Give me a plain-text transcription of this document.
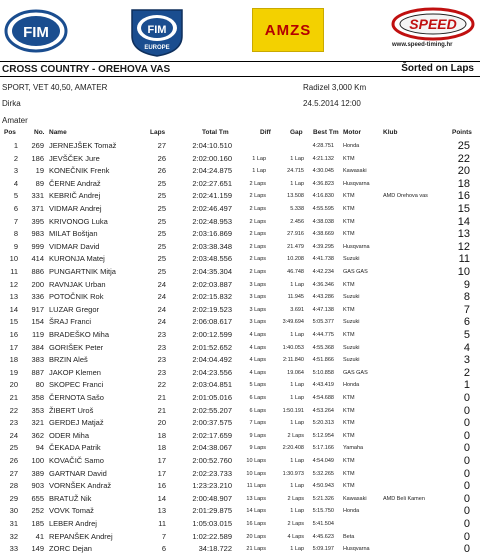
FIM	FIM
EUROPE
AMZS	SPEED
www.speed-timing.hr
CROSS COUNTRY - OREHOVA VAS	Šorted on Laps
SPORT, VET 40,50, AMATER	Radizel 3,000 Km
Dirka	24.5.2014 12:00
Amater
Pos	No. Name	Laps	Total Tm	Diff	Gap Best Tm Motor	Klub	Points
1	269 JERNEJŠEK Tomaž	27	2:04:10.510	4:28.751 Honda	25
2	186 JEVŠČEK Jure	26	2:02:00.160	1 Lap	1 Lap	4:21.132 KTM	22
3	19 KONEČNIK Frenk	26	2:04:24.875	1 Lap	24.715	4:30.045 Kawasaki	20
4	89 ČERNE Andraž	25	2:02:27.651	2 Laps	1 Lap	4:36.823 Husqvarna	18
5	331 KEBRIČ Andrej	25	2:02:41.159	2 Laps	13.508	4:16.830 KTM	AMD Orehova vas	16
6	371 VIDMAR Andrej	25	2:02:46.497	2 Laps	5.338	4:55.595 KTM	15
7	395 KRIVONOG Luka	25	2:02:48.953	2 Laps	2.456	4:38.038 KTM	14
8	983 MILAT Boštjan	25	2:03:16.869	2 Laps	27.916	4:38.669 KTM	13
9	999 VIDMAR David	25	2:03:38.348	2 Laps	21.479	4:39.295 Husqvarna	12
10	414 KURONJA Matej	25	2:03:48.556	2 Laps	10.208	4:41.738 Suzuki	11
11	886 PUNGARTNIK Mitja	25	2:04:35.304	2 Laps	46.748	4:42.234 GAS GAS	10
12	200 RAVNJAK Urban	24	2:02:03.887	3 Laps	1 Lap	4:36.346 KTM	9
13	336 POTOČNIK Rok	24	2:02:15.832	3 Laps	11.945	4:43.286 Suzuki	8
14	917 LUZAR Gregor	24	2:02:19.523	3 Laps	3.691	4:47.138 KTM	7
15	154 ŠRAJ Franci	24	2:06:08.617	3 Laps	3:49.694	5:05.377 Suzuki	6
16	119 BRADEŠKO Miha	23	2:00:12.599	4 Laps	1 Lap	4:44.775 KTM	5
17	384 GORIŠEK Peter	23	2:01:52.652	4 Laps	1:40.053	4:55.368 Suzuki	4
18	383 BRZIN Aleš	23	2:04:04.492	4 Laps	2:11.840	4:51.866 Suzuki	3
19	887 JAKOP Klemen	23	2:04:23.556	4 Laps	19.064	5:10.858 GAS GAS	2
20	80 SKOPEC Franci	22	2:03:04.851	5 Laps	1 Lap	4:43.419 Honda	1
21	358 ČERNOTA Sašo	21	2:01:05.016	6 Laps	1 Lap	4:54.688 KTM	0
22	353 ŽIBERT Uroš	21	2:02:55.207	6 Laps	1:50.191	4:53.264 KTM	0
23	321 GERDEJ Matjaž	20	2:00:37.575	7 Laps	1 Lap	5:20.313 KTM	0
24	362 ODER Miha	18	2:02:17.659	9 Laps	2 Laps	5:12.954 KTM	0
25	94 ČEKADA Patrik	18	2:04:38.067	9 Laps	2:20.408	5:17.166 Yamaha	0
26	100 KOVAČIČ Samo	17	2:00:52.760	10 Laps	1 Lap	4:54.049 KTM	0
27	389 GARTNAR David	17	2:02:23.733	10 Laps	1:30.973	5:32.265 KTM	0
28	903 VORNŠEK Andraž	16	1:23:23.210	11 Laps	1 Lap	4:50.943 KTM	0
29	655 BRATUŽ Nik	14	2:00:48.907	13 Laps	2 Laps	5:21.326 Kawasaki	AMD Beli Kamen	0
30	252 VOVK Tomaž	13	2:01:29.875	14 Laps	1 Lap	5:15.750 Honda	0
31	185 LEBER Andrej	11	1:05:03.015	16 Laps	2 Laps	5:41.504	0
32	41 REPANŠEK Andrej	7	1:02:22.589	20 Laps	4 Laps	4:45.623 Beta	0
33	149 ZORC Dejan	6	34:18.722	21 Laps	1 Lap	5:09.197 Husqvarna	0
